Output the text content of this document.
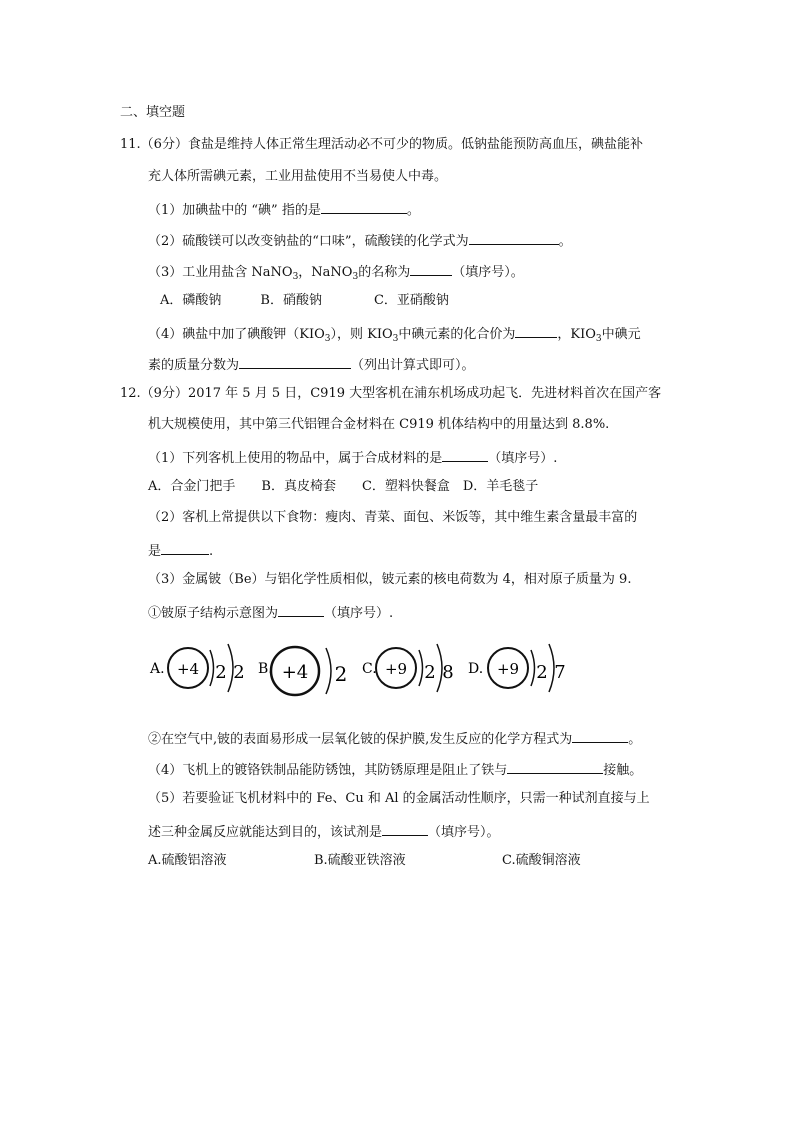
二、填空题
11.（6分）食盐是维持人体正常生理活动必不可少的物质。低钠盐能预防高血压，碘盐能补
充人体所需碘元素，工业用盐使用不当易使人中毒。
（1）加碘盐中的 “碘” 指的是	。
（2）硫酸镁可以改变钠盐的“口味”，硫酸镁的化学式为	。
（3）工业用盐含 NaNO$_3$，NaNO$_3$的名称为	（填序号）。
A．磷酸钠　　　B．硝酸钠　　　　C．亚硝酸钠
（4）碘盐中加了碘酸钾$(KIO_3)$，则 $KIO_3$中碘元素的化合价为	，$KIO_3$中碘元
素的质量分数为	（列出计算式即可）。
12.（9分）2017 年 5 月 5 日，C919 大型客机在浦东机场成功起飞．先进材料首次在国产客
机大规模使用，其中第三代铝锂合金材料在 C919 机体结构中的用量达到 8.8%.
（1）下列客机上使用的物品中，属于合成材料的是	（填序号）.
A．合金门把手　　B．真皮椅套　　C．塑料快餐盒　D．羊毛毯子
（2）客机上常提供以下食物：瘦肉、青菜、面包、米饭等，其中维生素含量最丰富的
是	.
（3）金属铍（Be）与铝化学性质相似，铍元素的核电荷数为 4，相对原子质量为 9.
①铍原子结构示意图为	（填序号）.
A. +4 2 2 B. +4 2 C. +9 2 8 D. +9 2 7
②在空气中,铍的表面易形成一层氧化铍的保护膜,发生反应的化学方程式为	。
（4）飞机上的镀铬铁制品能防锈蚀，其防锈原理是阻止了铁与	接触。
（5）若要验证飞机材料中的 Fe、Cu 和 Al 的金属活动性顺序，只需一种试剂直接与上
述三种金属反应就能达到目的，该试剂是	（填序号）。
A.硫酸铝溶液	B.硫酸亚铁溶液	C.硫酸铜溶液
